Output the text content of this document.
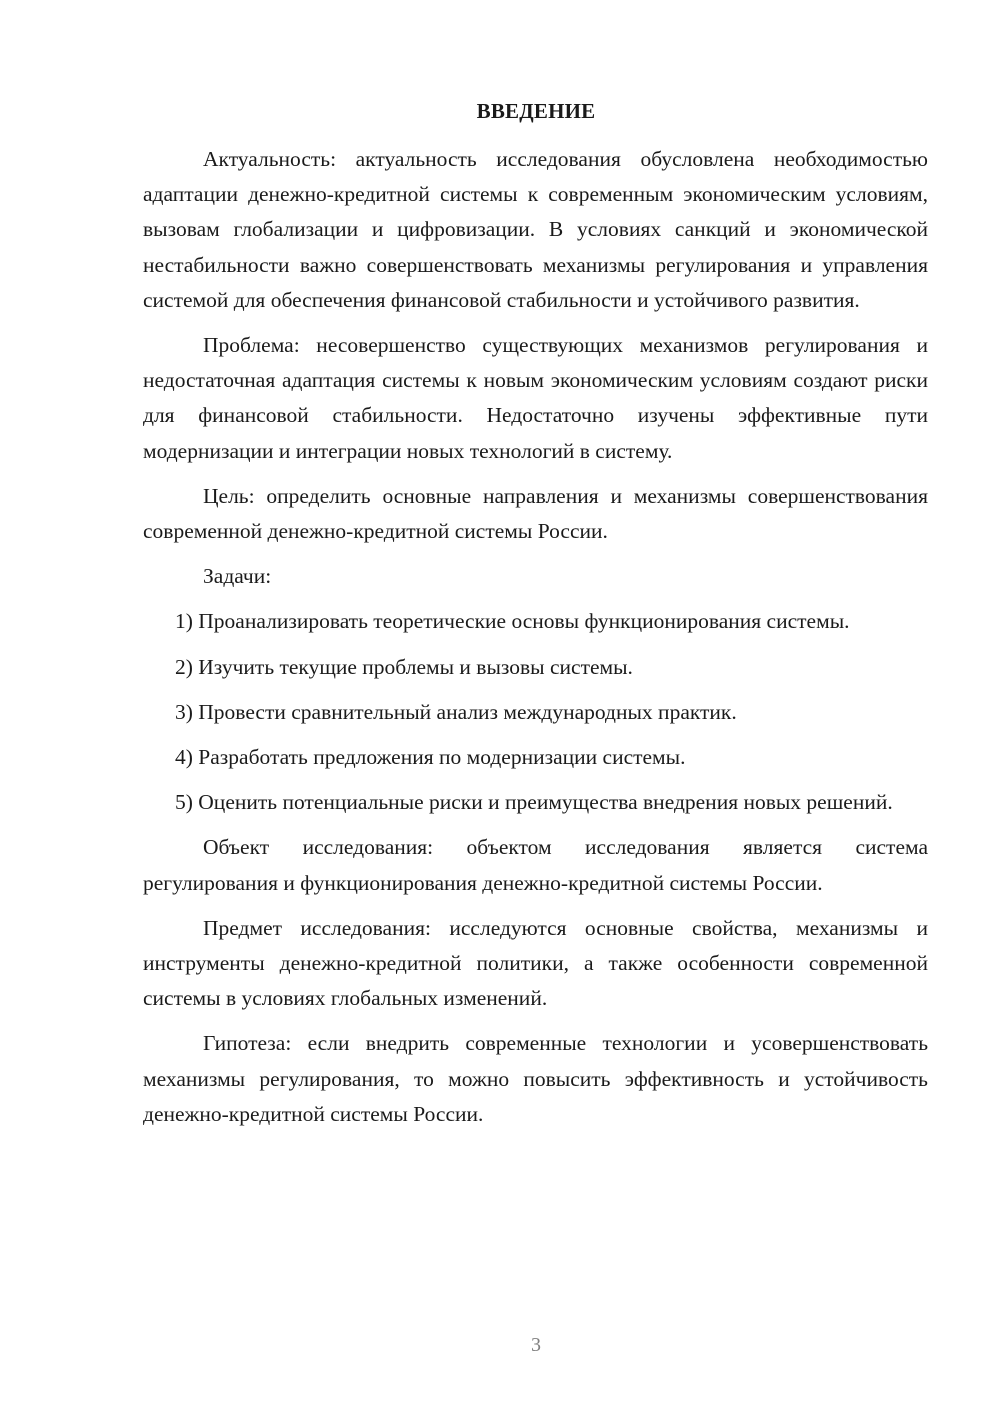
ВВЕДЕНИЕ

Актуальность: актуальность исследования обусловлена необходимостью адаптации денежно-кредитной системы к современным экономическим условиям, вызовам глобализации и цифровизации. В условиях санкций и экономической нестабильности важно совершенствовать механизмы регулирования и управления системой для обеспечения финансовой стабильности и устойчивого развития.

Проблема: несовершенство существующих механизмов регулирования и недостаточная адаптация системы к новым экономическим условиям создают риски для финансовой стабильности. Недостаточно изучены эффективные пути модернизации и интеграции новых технологий в систему.

Цель: определить основные направления и механизмы совершенствования современной денежно-кредитной системы России.

Задачи:

1) Проанализировать теоретические основы функционирования системы.

2) Изучить текущие проблемы и вызовы системы.

3) Провести сравнительный анализ международных практик.

4) Разработать предложения по модернизации системы.

5) Оценить потенциальные риски и преимущества внедрения новых решений.

Объект исследования: объектом исследования является система регулирования и функционирования денежно-кредитной системы России.

Предмет исследования: исследуются основные свойства, механизмы и инструменты денежно-кредитной политики, а также особенности современной системы в условиях глобальных изменений.

Гипотеза: если внедрить современные технологии и усовершенствовать механизмы регулирования, то можно повысить эффективность и устойчивость денежно-кредитной системы России.

3
